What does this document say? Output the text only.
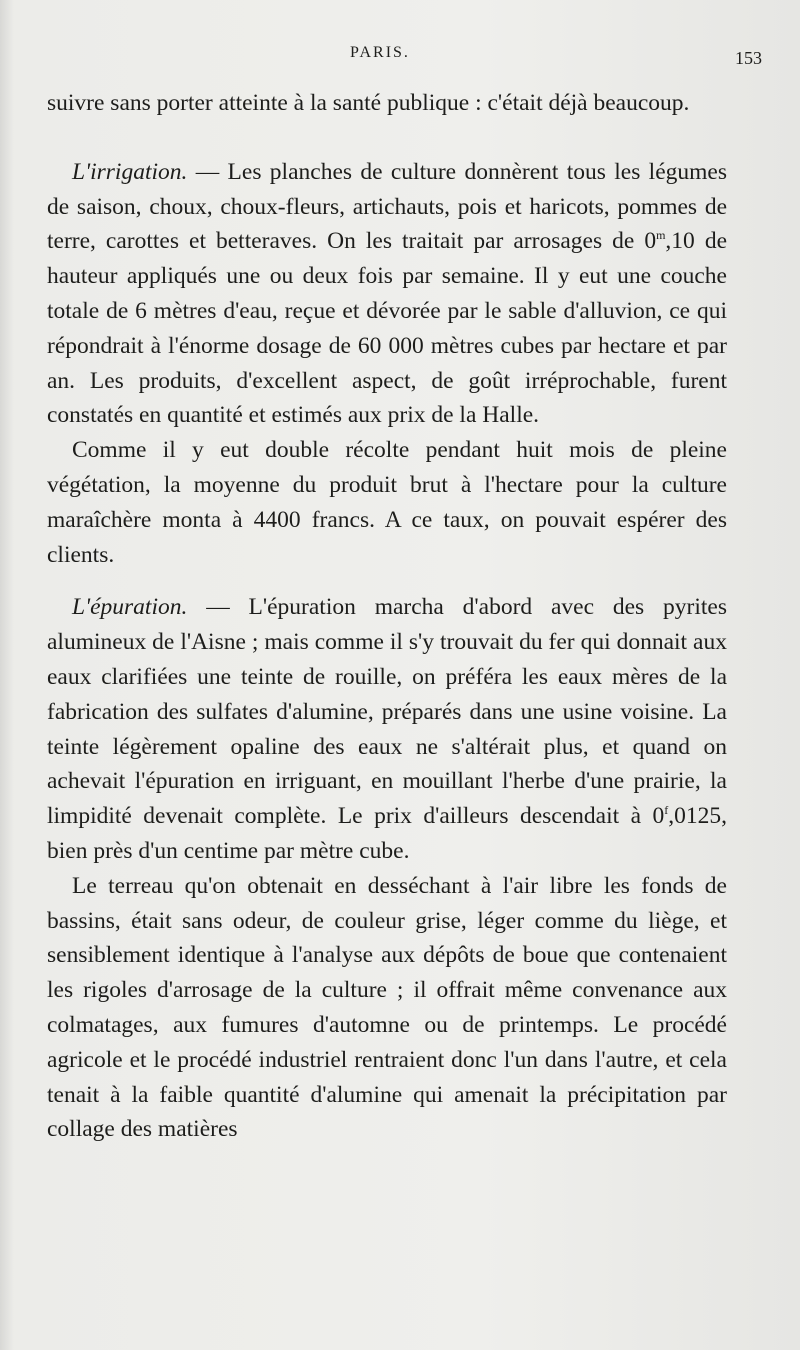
PARIS.	153

suivre sans porter atteinte à la santé publique : c'était déjà beaucoup.

L'irrigation. — Les planches de culture donnèrent tous les légumes de saison, choux, choux-fleurs, artichauts, pois et haricots, pommes de terre, carottes et betteraves. On les traitait par arrosages de 0$^m$,10 de hauteur appliqués une ou deux fois par semaine. Il y eut une couche totale de 6 mètres d'eau, reçue et dévorée par le sable d'alluvion, ce qui répondrait à l'énorme dosage de 60 000 mètres cubes par hectare et par an. Les produits, d'excellent aspect, de goût irréprochable, furent constatés en quantité et estimés aux prix de la Halle.

Comme il y eut double récolte pendant huit mois de pleine végétation, la moyenne du produit brut à l'hectare pour la culture maraîchère monta à 4400 francs. A ce taux, on pouvait espérer des clients.

L'épuration. — L'épuration marcha d'abord avec des pyrites alumineux de l'Aisne ; mais comme il s'y trouvait du fer qui donnait aux eaux clarifiées une teinte de rouille, on préféra les eaux mères de la fabrication des sulfates d'alumine, préparés dans une usine voisine. La teinte légèrement opaline des eaux ne s'altérait plus, et quand on achevait l'épuration en irriguant, en mouillant l'herbe d'une prairie, la limpidité devenait complète. Le prix d'ailleurs descendait à 0$^f$,0125, bien près d'un centime par mètre cube.

Le terreau qu'on obtenait en desséchant à l'air libre les fonds de bassins, était sans odeur, de couleur grise, léger comme du liège, et sensiblement identique à l'analyse aux dépôts de boue que contenaient les rigoles d'arrosage de la culture ; il offrait même convenance aux colmatages, aux fumures d'automne ou de printemps. Le procédé agricole et le procédé industriel rentraient donc l'un dans l'autre, et cela tenait à la faible quantité d'alumine qui amenait la précipitation par collage des matières
